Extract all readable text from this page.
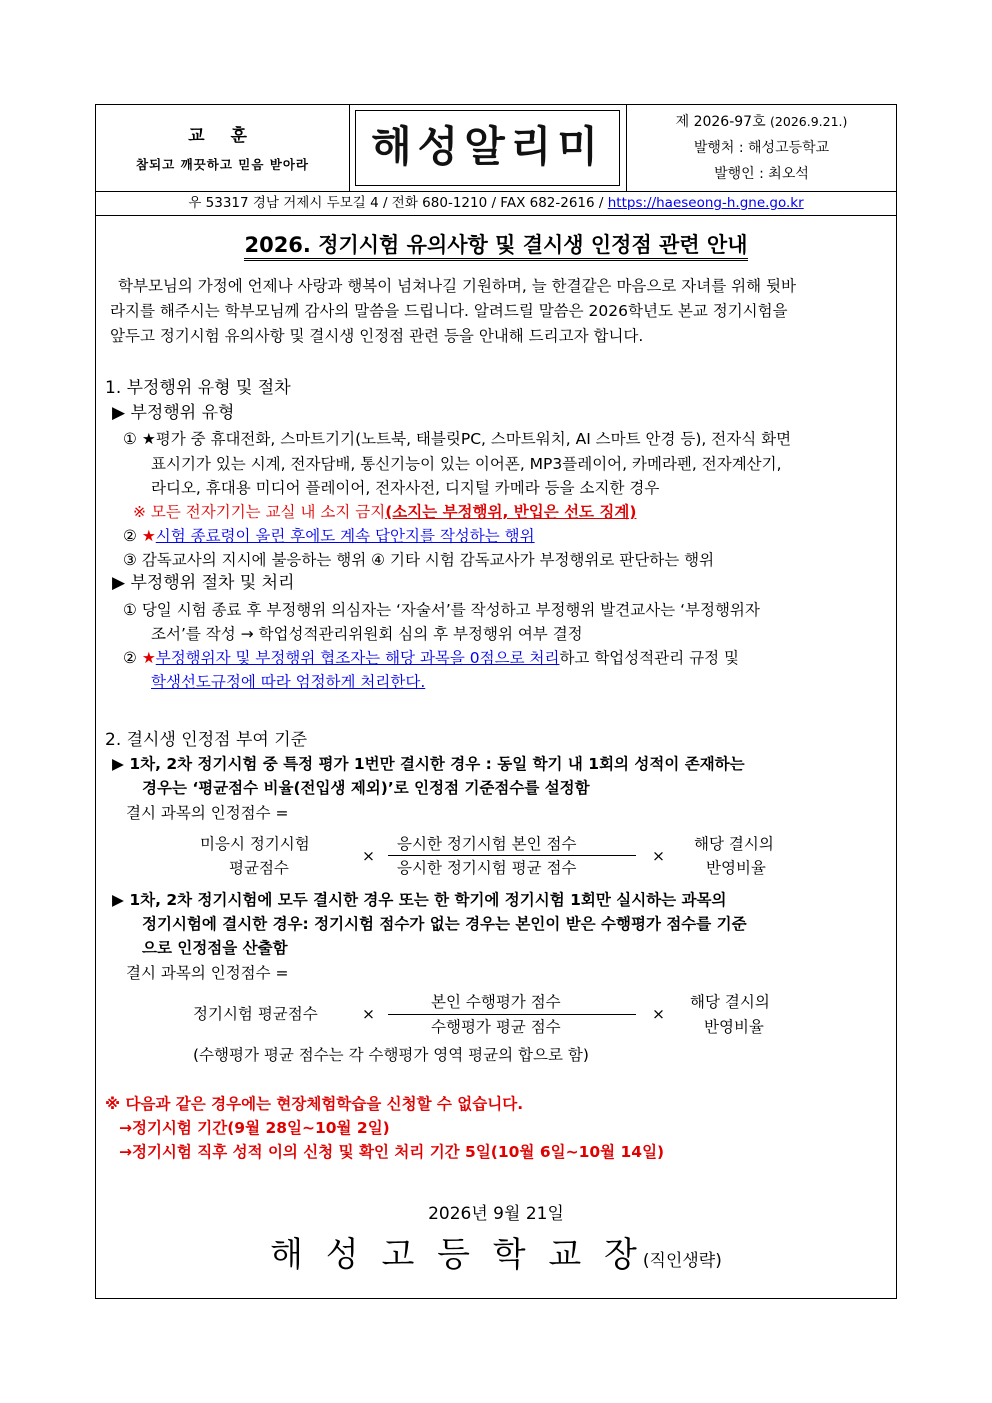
교 훈
참되고 깨끗하고 믿음 받아라	해성알리미	제 2026-97호 (2026.9.21.)
발행처 : 해성고등학교
발행인 : 최오석
우 53317 경남 거제시 두모길 4 / 전화 680-1210 / FAX 682-2616 / https://haeseong-h.gne.go.kr
2026. 정기시험 유의사항 및 결시생 인정점 관련 안내
학부모님의 가정에 언제나 사랑과 행복이 넘쳐나길 기원하며, 늘 한결같은 마음으로 자녀를 위해 뒷바
라지를 해주시는 학부모님께 감사의 말씀을 드립니다. 알려드릴 말씀은 2026학년도 본교 정기시험을
앞두고 정기시험 유의사항 및 결시생 인정점 관련 등을 안내해 드리고자 합니다.
1. 부정행위 유형 및 절차
▶ 부정행위 유형
① ★평가 중 휴대전화, 스마트기기(노트북, 태블릿PC, 스마트워치, AI 스마트 안경 등), 전자식 화면
표시기가 있는 시계, 전자담배, 통신기능이 있는 이어폰, MP3플레이어, 카메라펜, 전자계산기,
라디오, 휴대용 미디어 플레이어, 전자사전, 디지털 카메라 등을 소지한 경우
※ 모든 전자기기는 교실 내 소지 금지(소지는 부정행위, 반입은 선도 징계)
② ★시험 종료령이 울린 후에도 계속 답안지를 작성하는 행위
③ 감독교사의 지시에 불응하는 행위 ④ 기타 시험 감독교사가 부정행위로 판단하는 행위
▶ 부정행위 절차 및 처리
① 당일 시험 종료 후 부정행위 의심자는 ‘자술서’를 작성하고 부정행위 발견교사는 ‘부정행위자
조서’를 작성 → 학업성적관리위원회 심의 후 부정행위 여부 결정
② ★부정행위자 및 부정행위 협조자는 해당 과목을 0점으로 처리하고 학업성적관리 규정 및
학생선도규정에 따라 엄정하게 처리한다.
2. 결시생 인정점 부여 기준
▶ 1차, 2차 정기시험 중 특정 평가 1번만 결시한 경우 : 동일 학기 내 1회의 성적이 존재하는
경우는 ‘평균점수 비율(전입생 제외)’로 인정점 기준점수를 설정함
결시 과목의 인정점수 =
미응시 정기시험
평균점수
×
응시한 정기시험 본인 점수
응시한 정기시험 평균 점수
×
해당 결시의
반영비율
▶ 1차, 2차 정기시험에 모두 결시한 경우 또는 한 학기에 정기시험 1회만 실시하는 과목의
정기시험에 결시한 경우: 정기시험 점수가 없는 경우는 본인이 받은 수행평가 점수를 기준
으로 인정점을 산출함
결시 과목의 인정점수 =
정기시험 평균점수	×
본인 수행평가 점수
수행평가 평균 점수
×
해당 결시의
반영비율
(수행평가 평균 점수는 각 수행평가 영역 평균의 합으로 함)
※ 다음과 같은 경우에는 현장체험학습을 신청할 수 없습니다.
→정기시험 기간(9월 28일~10월 2일)
→정기시험 직후 성적 이의 신청 및 확인 처리 기간 5일(10월 6일~10월 14일)
2026년 9월 21일
해 성 고 등 학 교 장(직인생략)
